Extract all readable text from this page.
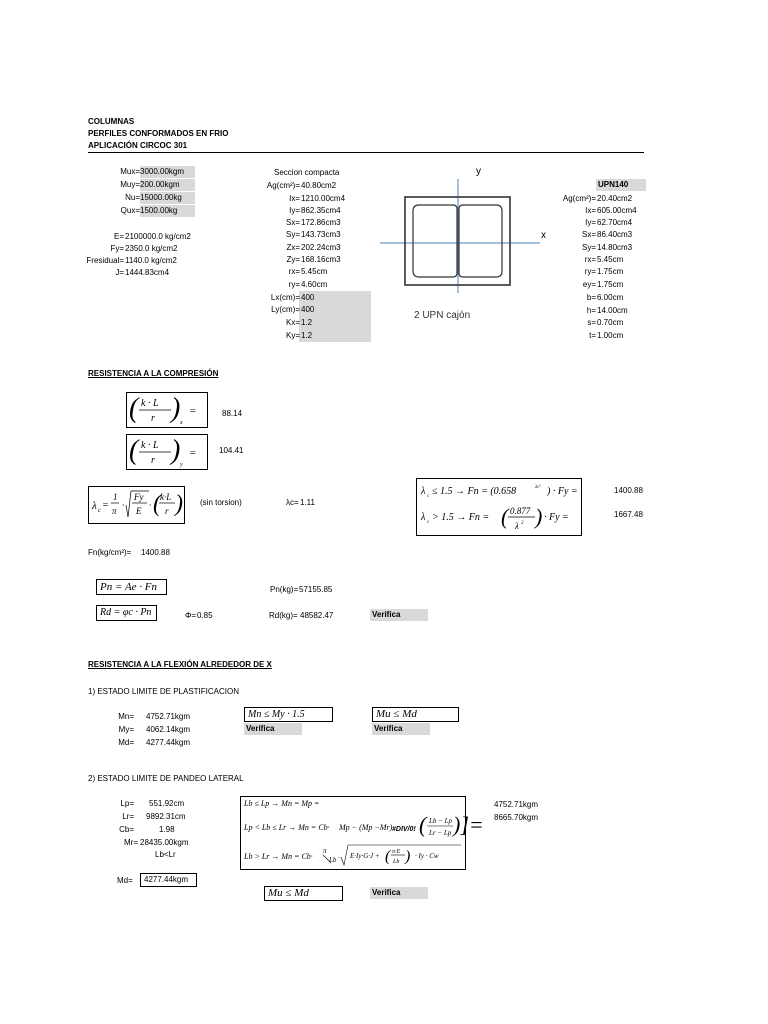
COLUMNAS
PERFILES CONFORMADOS EN FRIO
APLICACIÓN CIRCOC 301
Mux= 3000.00kgm
Muy= 200.00kgm
Nu= 15000.00kg
Qux= 1500.00kg
E= 2100000.0 kg/cm2
Fy= 2350.0 kg/cm2
Fresidual= 1140.0 kg/cm2
J= 1444.83cm4
Seccion compacta
Ag(cm²)= 40.80cm2
Ix= 1210.00cm4
Iy= 862.35cm4
Sx= 172.86cm3
Sy= 143.73cm3
Zx= 202.24cm3
Zy= 168.16cm3
rx= 5.45cm
ry= 4.60cm
Lx(cm)= 400
Ly(cm)= 400
Kx= 1.2
Ky= 1.2
y
x
2 UPN cajón
UPN140
Ag(cm²)= 20.40cm2
Ix= 605.00cm4
Iy= 62.70cm4
Sx= 86.40cm3
Sy= 14.80cm3
rx= 5.45cm
ry= 1.75cm
ey= 1.75cm
b= 6.00cm
h= 14.00cm
s= 0.70cm
t= 1.00cm
RESISTENCIA A LA COMPRESIÓN
( k · L
r ) x
=	88.14
( k · L
r ) y
=	104.41
λ c =
1
π
·
Fy
E
· ( k·L
r ) (sin torsion)	λc= 1.11
λ c ≤ 1.5 → Fn = (0.658	λc² ) · Fy =
λ c > 1.5 → Fn = ( 0.877
λ 2 ) · Fy =
1400.88
1667.48
Fn(kg/cm²)= 1400.88
Pn = Ae · Fn	Pn(kg)= 57155.85
Rd = φc · Pn	Φ= 0.85	Rd(kg)= 48582.47	Verifica
RESISTENCIA A LA FLEXIÓN ALREDEDOR DE X
1) ESTADO LIMITE DE PLASTIFICACION
Mn= 4752.71kgm
My= 4062.14kgm
Md= 4277.44kgm
Mn ≤ My · 1.5	Mu ≤ Md
Verifica	Verifica
2) ESTADO LIMITE DE PANDEO LATERAL
Lp= 551.92cm
Lr= 9892.31cm
Cb=	1.98
Mr= 28435.00kgm
Lb<Lr
Lb ≤ Lp → Mn = Mp =
Lp < Lb ≤ Lr → Mn = Cb· Mp − (Mp −Mr) #DIV/0! ( Lb − Lp
Lr − Lp )]=
Lb > Lr → Mn = Cb·
π
Lb · E·Iy·G·J + ( π·E
Lb ) · Iy · Cw
4752.71kgm
8665.70kgm
Md= 4277.44kgm
Mu ≤ Md	Verifica
